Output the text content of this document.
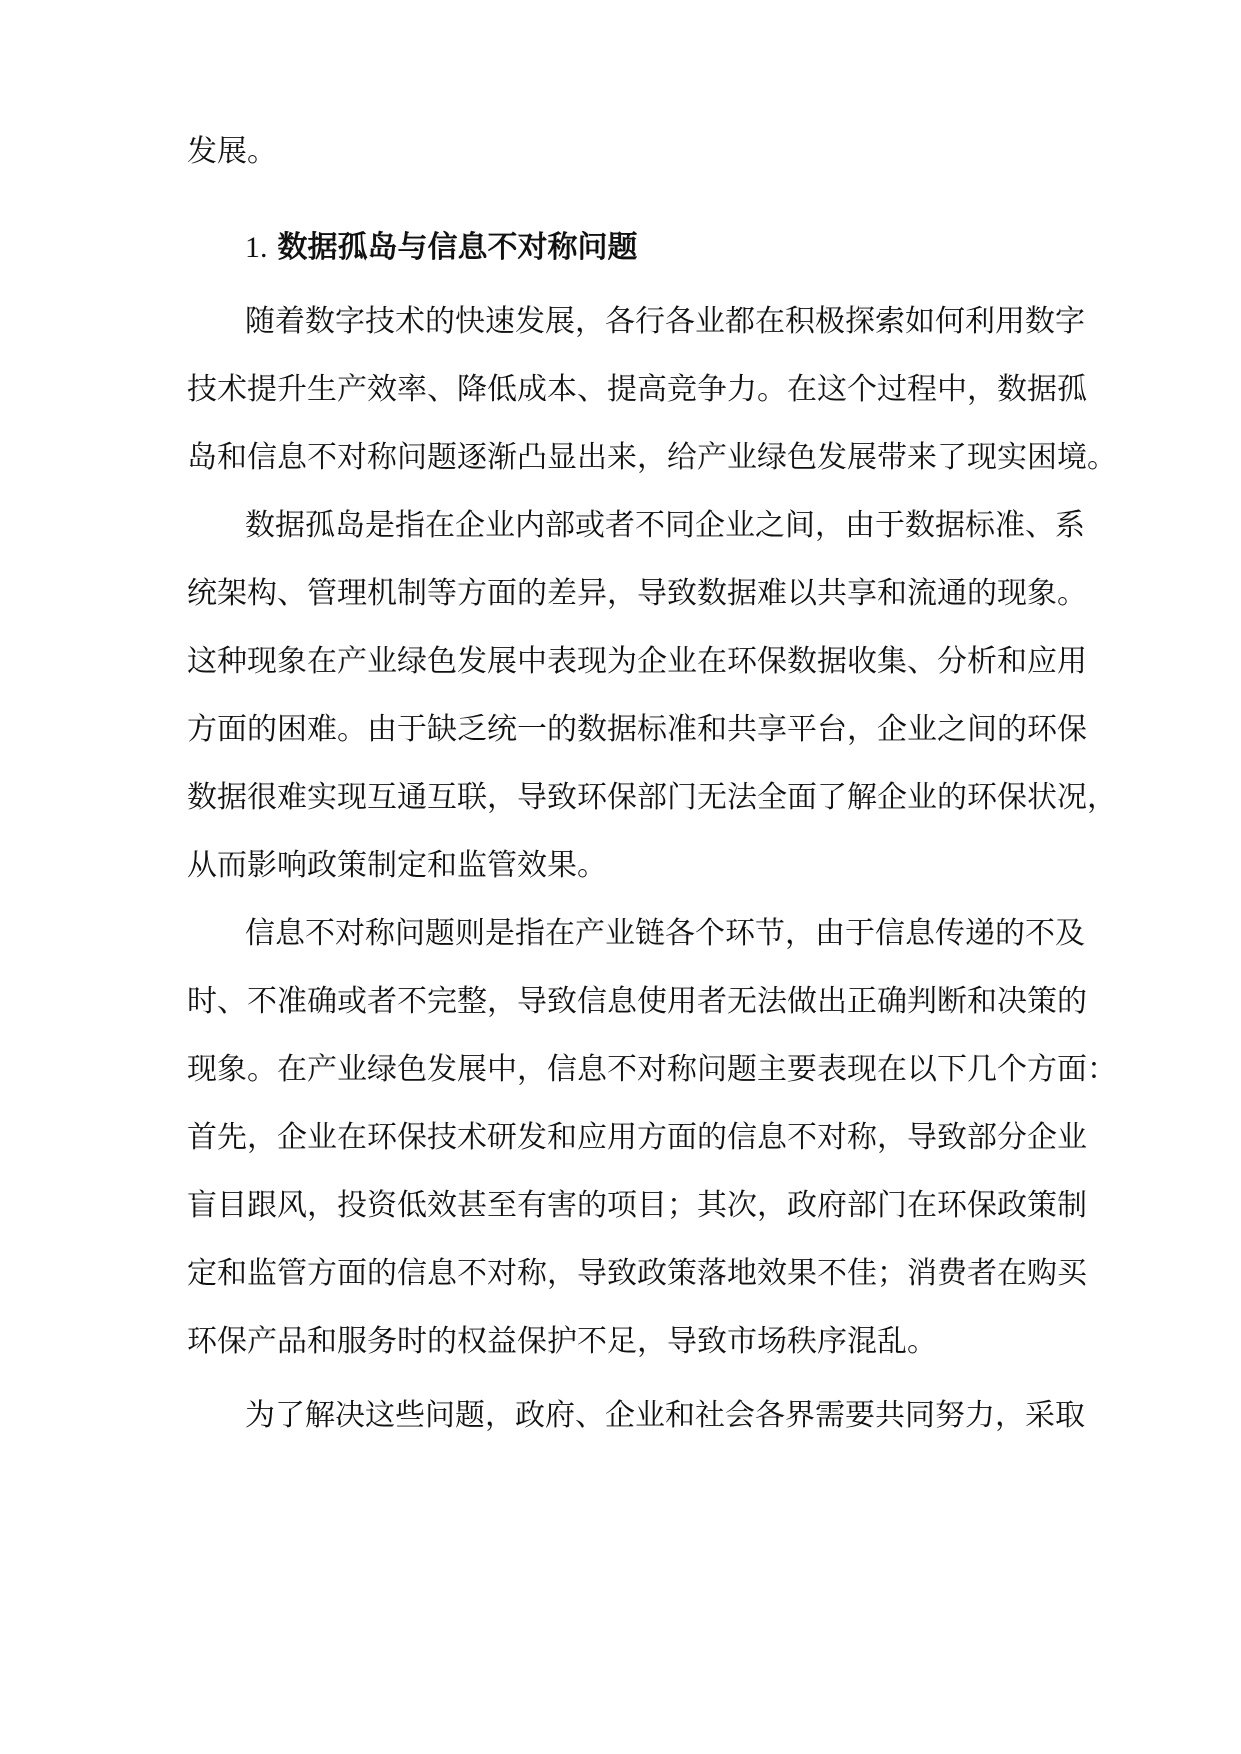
发展。
1. 数据孤岛与信息不对称问题
随着数字技术的快速发展，各行各业都在积极探索如何利用数字
技术提升生产效率、降低成本、提高竞争力。在这个过程中，数据孤
岛和信息不对称问题逐渐凸显出来，给产业绿色发展带来了现实困境。
数据孤岛是指在企业内部或者不同企业之间，由于数据标准、系
统架构、管理机制等方面的差异，导致数据难以共享和流通的现象。
这种现象在产业绿色发展中表现为企业在环保数据收集、分析和应用
方面的困难。由于缺乏统一的数据标准和共享平台，企业之间的环保
数据很难实现互通互联，导致环保部门无法全面了解企业的环保状况，
从而影响政策制定和监管效果。
信息不对称问题则是指在产业链各个环节，由于信息传递的不及
时、不准确或者不完整，导致信息使用者无法做出正确判断和决策的
现象。在产业绿色发展中，信息不对称问题主要表现在以下几个方面：
首先，企业在环保技术研发和应用方面的信息不对称，导致部分企业
盲目跟风，投资低效甚至有害的项目；其次，政府部门在环保政策制
定和监管方面的信息不对称，导致政策落地效果不佳；消费者在购买
环保产品和服务时的权益保护不足，导致市场秩序混乱。
为了解决这些问题，政府、企业和社会各界需要共同努力，采取
